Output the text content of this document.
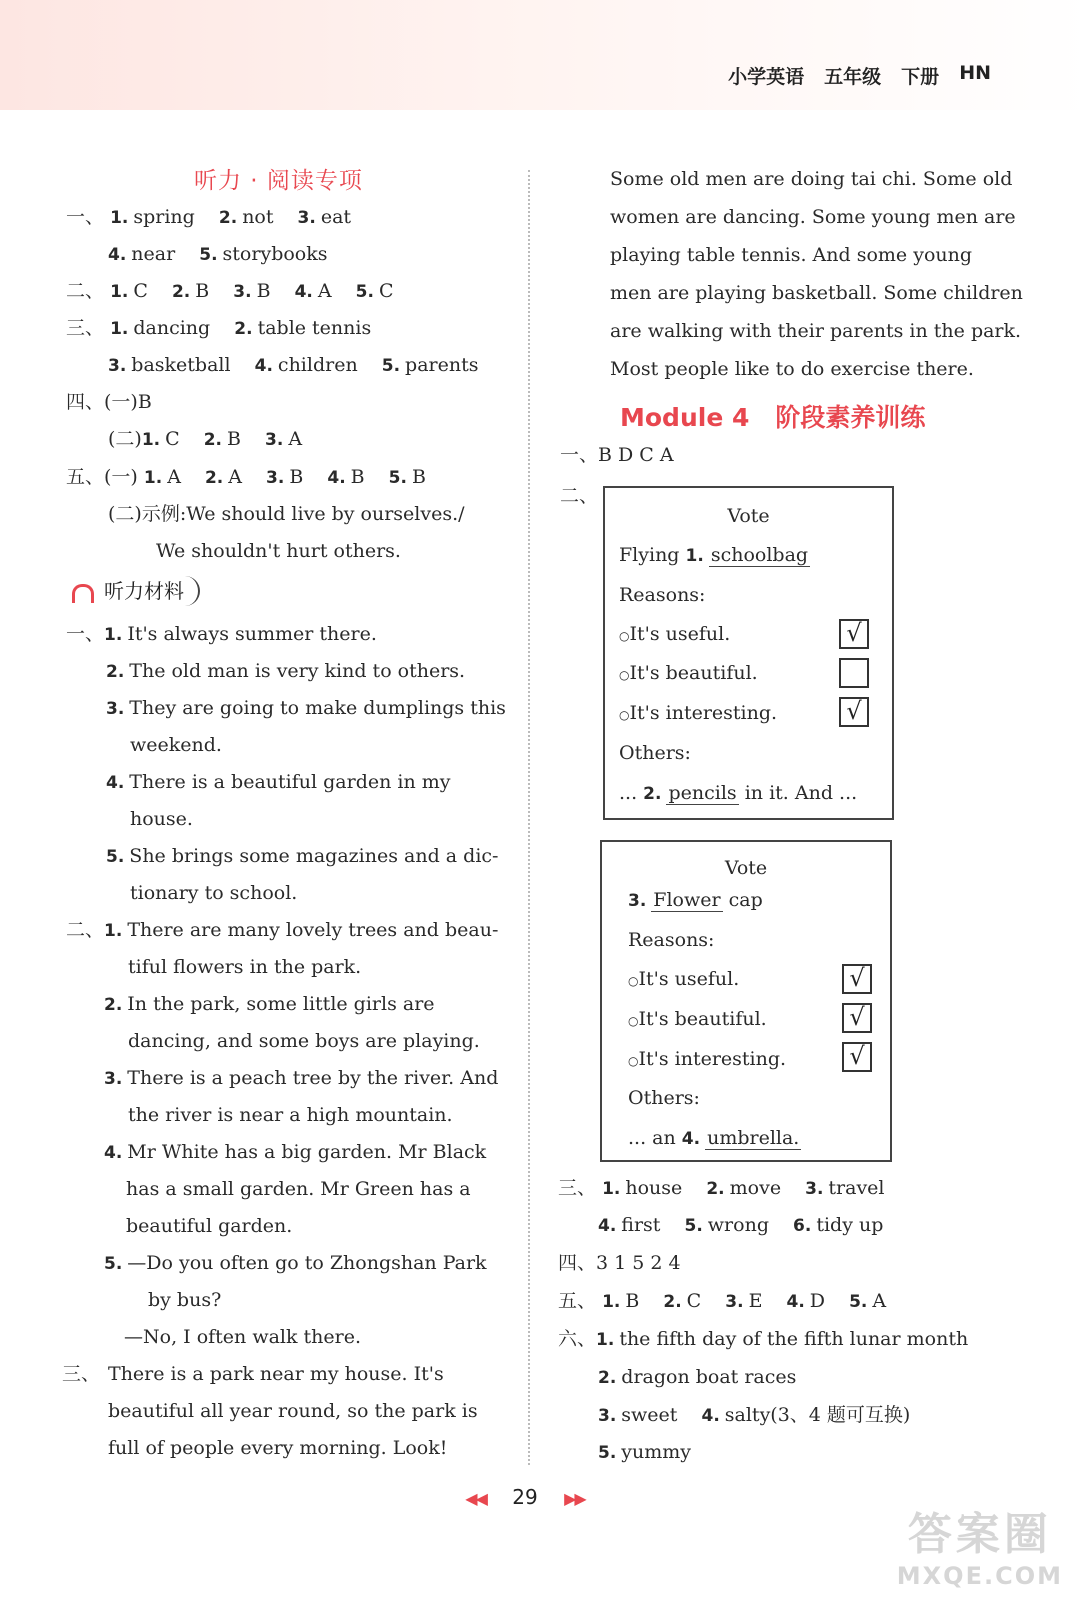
小学英语 五年级 下册 HN
听力 · 阅读专项
一、 1. spring 2. not 3. eat
4. near 5. storybooks
二、 1. C 2. B 3. B 4. A 5. C
三、 1. dancing 2. table tennis
3. basketball 4. children 5. parents
四、(一)B
(二)1. C 2. B 3. A
五、(一) 1. A 2. A 3. B 4. B 5. B
(二)示例:We should live by ourselves./
We shouldn't hurt others.
听力材料
一、1. It's always summer there.
2. The old man is very kind to others.
3. They are going to make dumplings this
weekend.
4. There is a beautiful garden in my
house.
5. She brings some magazines and a dic-
tionary to school.
二、1. There are many lovely trees and beau-
tiful flowers in the park.
2. In the park, some little girls are
dancing, and some boys are playing.
3. There is a peach tree by the river. And
the river is near a high mountain.
4. Mr White has a big garden. Mr Black
has a small garden. Mr Green has a
beautiful garden.
5. —Do you often go to Zhongshan Park
by bus?
—No, I often walk there.
三、 There is a park near my house. It's
beautiful all year round, so the park is
full of people every morning. Look!
Some old men are doing tai chi. Some old
women are dancing. Some young men are
playing table tennis. And some young
men are playing basketball. Some children
are walking with their parents in the park.
Most people like to do exercise there.
Module 4 阶段素养训练
一、B D C A
二、
Vote
Flying 1. schoolbag
Reasons:
○It's useful.
○It's beautiful.
○It's interesting.
√
√
Others:
... 2. pencils in it. And ...
Vote
3. Flower cap
Reasons:
○It's useful.
○It's beautiful.
○It's interesting.
√
√
√
Others:
... an 4. umbrella.
三、 1. house 2. move 3. travel
4. first 5. wrong 6. tidy up
四、3 1 5 2 4
五、 1. B 2. C 3. E 4. D 5. A
六、1. the fifth day of the fifth lunar month
2. dragon boat races
3. sweet 4. salty(3、4 题可互换)
5. yummy
◀◀ 29 ▶▶
答案圈
MXQE.COM
